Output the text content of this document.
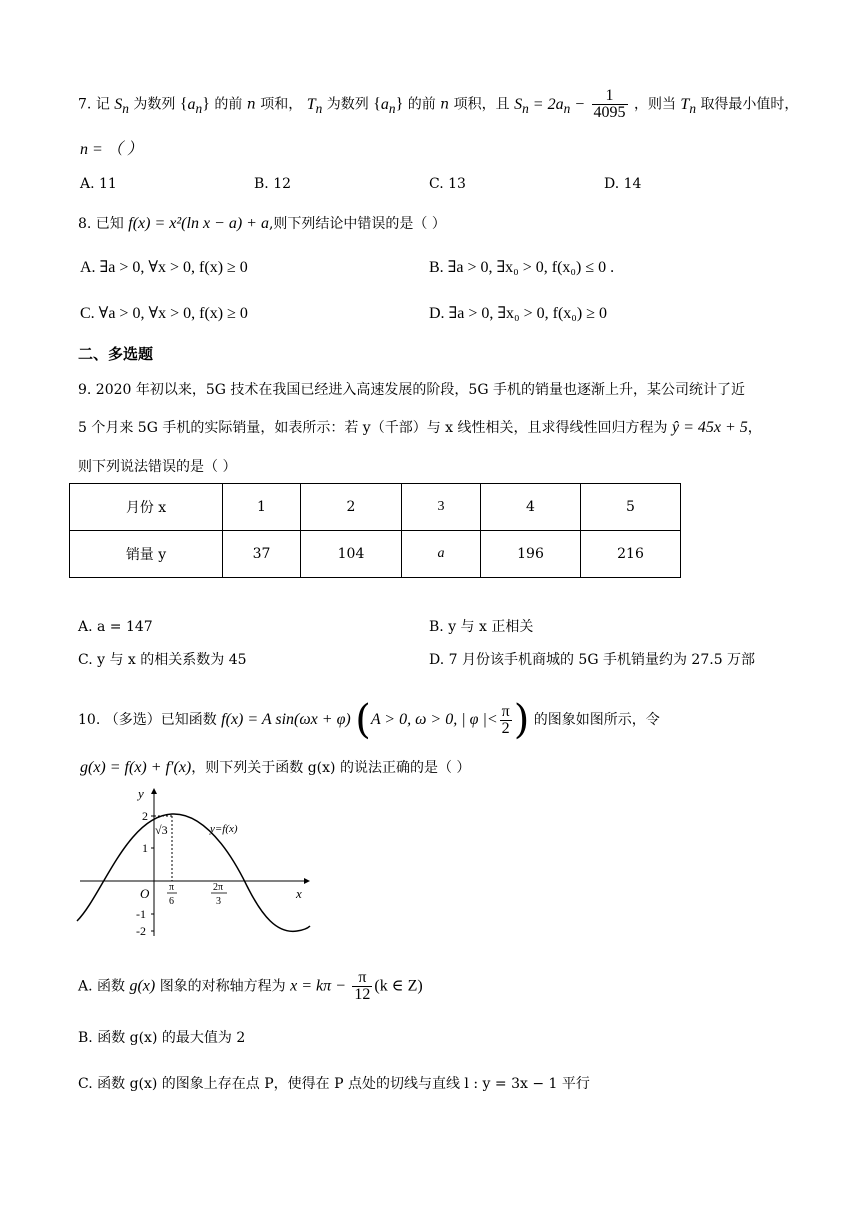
7. 记 $S_n$ 为数列 $\{a_n\}$ 的前 n 项和， $T_n$ 为数列 $\{a_n\}$ 的前 n 项积，且 $S_n = 2a_n - \frac{1}{4095}$ ，则当 $T_n$ 取得最小值时，
n = （ ）
A. 11	B. 12	C. 13	D. 14
8. 已知 f(x) = x²(ln x − a) + a,则下列结论中错误的是（ ）
A. ∃a > 0, ∀x > 0, f(x) ≥ 0	B. ∃a > 0, ∃x₀ > 0, f(x₀) ≤ 0 .
C. ∀a > 0, ∀x > 0, f(x) ≥ 0	D. ∃a > 0, ∃x₀ > 0, f(x₀) ≥ 0
二、多选题
9. 2020 年初以来，5G 技术在我国已经进入高速发展的阶段，5G 手机的销量也逐渐上升，某公司统计了近
5 个月来 5G 手机的实际销量，如表所示：若 y（千部）与 x 线性相关，且求得线性回归方程为 ŷ = 45x + 5，
则下列说法错误的是（ ）
月份 x	1	2	3	4	5
销量 y	37	104	a	196	216
A. a = 147	B. y 与 x 正相关
C. y 与 x 的相关系数为 45	D. 7 月份该手机商城的 5G 手机销量约为 27.5 万部
10. （多选）已知函数 f(x) = A sin(ωx + φ) (A > 0, ω > 0, | φ |< $\frac{\pi}{2}$ ) 的图象如图所示，令
g(x) = f(x) + f′(x)，则下列关于函数 g(x) 的说法正确的是（ ）
y
x
O
y=f(x)
2
1
-1
-2
√3
π
6
2π
3
A. 函数 g(x) 图象的对称轴方程为 $x = k\pi - \frac{\pi}{12} (k$ ∈ Z)
B. 函数 g(x) 的最大值为 2
C. 函数 g(x) 的图象上存在点 P，使得在 P 点处的切线与直线 l : y = 3x − 1 平行
